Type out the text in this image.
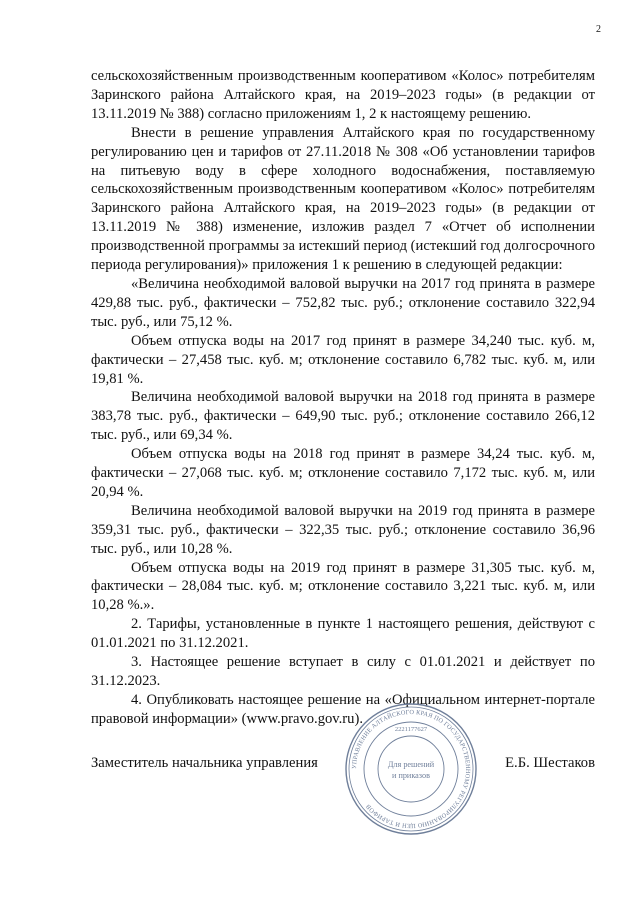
2

сельскохозяйственным производственным кооперативом «Колос» потребителям Заринского района Алтайского края, на 2019–2023 годы» (в редакции от 13.11.2019 № 388) согласно приложениям 1, 2 к настоящему решению.

Внести в решение управления Алтайского края по государственному регулированию цен и тарифов от 27.11.2018 № 308 «Об установлении тарифов на питьевую воду в сфере холодного водоснабжения, поставляемую сельскохозяйственным производственным кооперативом «Колос» потребителям Заринского района Алтайского края, на 2019–2023 годы» (в редакции от 13.11.2019 № 388) изменение, изложив раздел 7 «Отчет об исполнении производственной программы за истекший период (истекший год долгосрочного периода регулирования)» приложения 1 к решению в следующей редакции:

«Величина необходимой валовой выручки на 2017 год принята в размере 429,88 тыс. руб., фактически – 752,82 тыс. руб.; отклонение составило 322,94 тыс. руб., или 75,12 %.

Объем отпуска воды на 2017 год принят в размере 34,240 тыс. куб. м, фактически – 27,458 тыс. куб. м; отклонение составило 6,782 тыс. куб. м, или 19,81 %.

Величина необходимой валовой выручки на 2018 год принята в размере 383,78 тыс. руб., фактически – 649,90 тыс. руб.; отклонение составило 266,12 тыс. руб., или 69,34 %.

Объем отпуска воды на 2018 год принят в размере 34,24 тыс. куб. м, фактически – 27,068 тыс. куб. м; отклонение составило 7,172 тыс. куб. м, или 20,94 %.

Величина необходимой валовой выручки на 2019 год принята в размере 359,31 тыс. руб., фактически – 322,35 тыс. руб.; отклонение составило 36,96 тыс. руб., или 10,28 %.

Объем отпуска воды на 2019 год принят в размере 31,305 тыс. куб. м, фактически – 28,084 тыс. куб. м; отклонение составило 3,221 тыс. куб. м, или 10,28 %.».

2. Тарифы, установленные в пункте 1 настоящего решения, действуют с 01.01.2021 по 31.12.2021.

3. Настоящее решение вступает в силу с 01.01.2021 и действует по 31.12.2023.

4. Опубликовать настоящее решение на «Официальном интернет-портале правовой информации» (www.pravo.gov.ru).

Заместитель начальника управления	Е.Б. Шестаков
УПРАВЛЕНИЕ АЛТАЙСКОГО КРАЯ ПО ГОСУДАРСТВЕННОМУ РЕГУЛИРОВАНИЮ ЦЕН И ТАРИФОВ
2221177627
Для решений
и приказов
